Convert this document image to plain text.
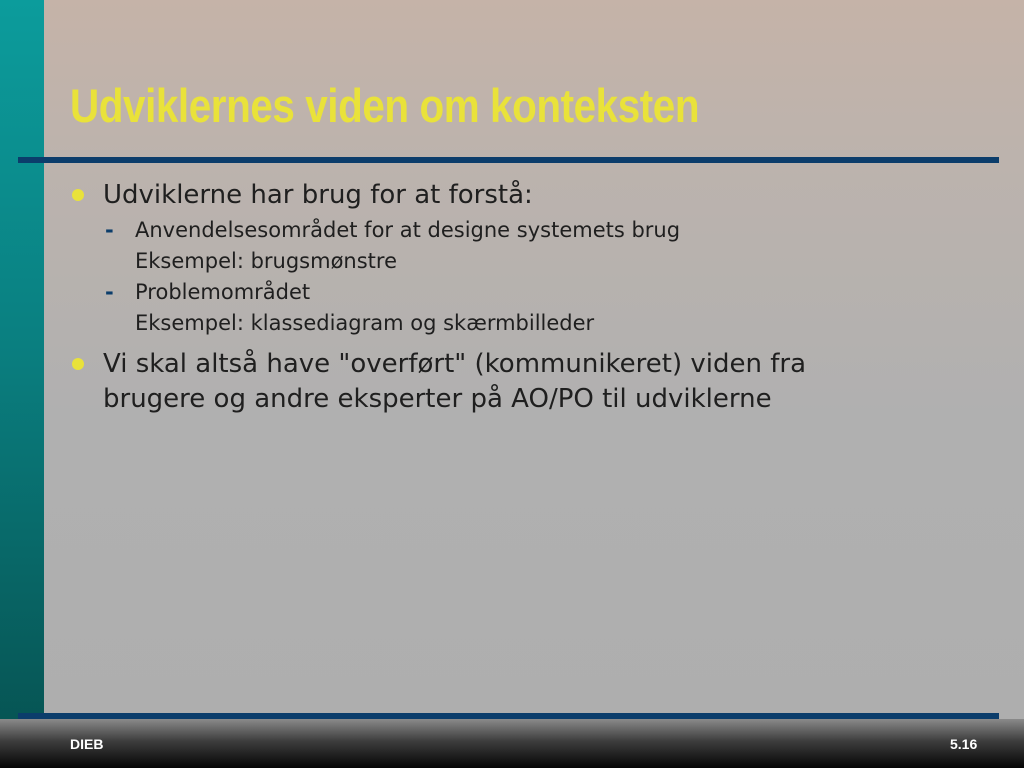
Udviklernes viden om konteksten
Udviklerne har brug for at forstå:
- Anvendelsesområdet for at designe systemets brug
Eksempel: brugsmønstre
- Problemområdet
Eksempel: klassediagram og skærmbilleder
Vi skal altså have "overført" (kommunikeret) viden fra
brugere og andre eksperter på AO/PO til udviklerne
DIEB	5.16
